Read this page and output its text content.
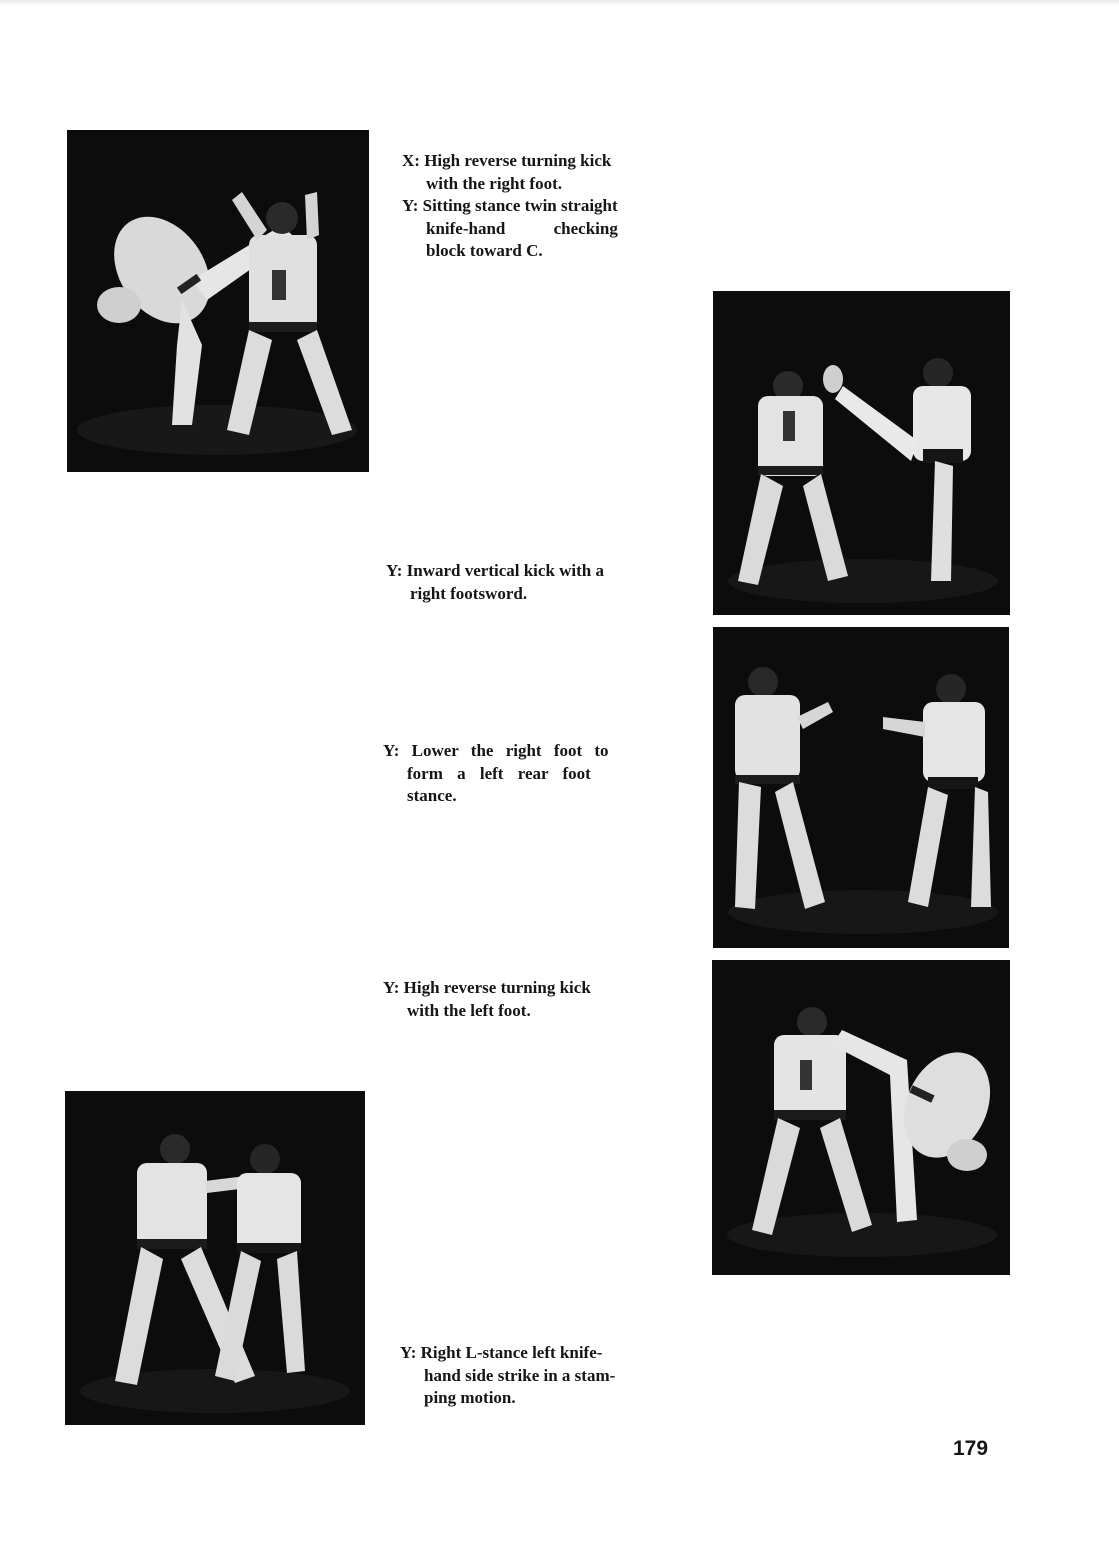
X: High reverse turning kick
with the right foot.
Y: Sitting stance twin straight
knife-hand checking
block toward C.
Y: Inward vertical kick with a
right footsword.
Y: Lower the right foot to
form a left rear foot
stance.
Y: High reverse turning kick
with the left foot.
Y: Right L-stance left knife-
hand side strike in a stam-
ping motion.
179
